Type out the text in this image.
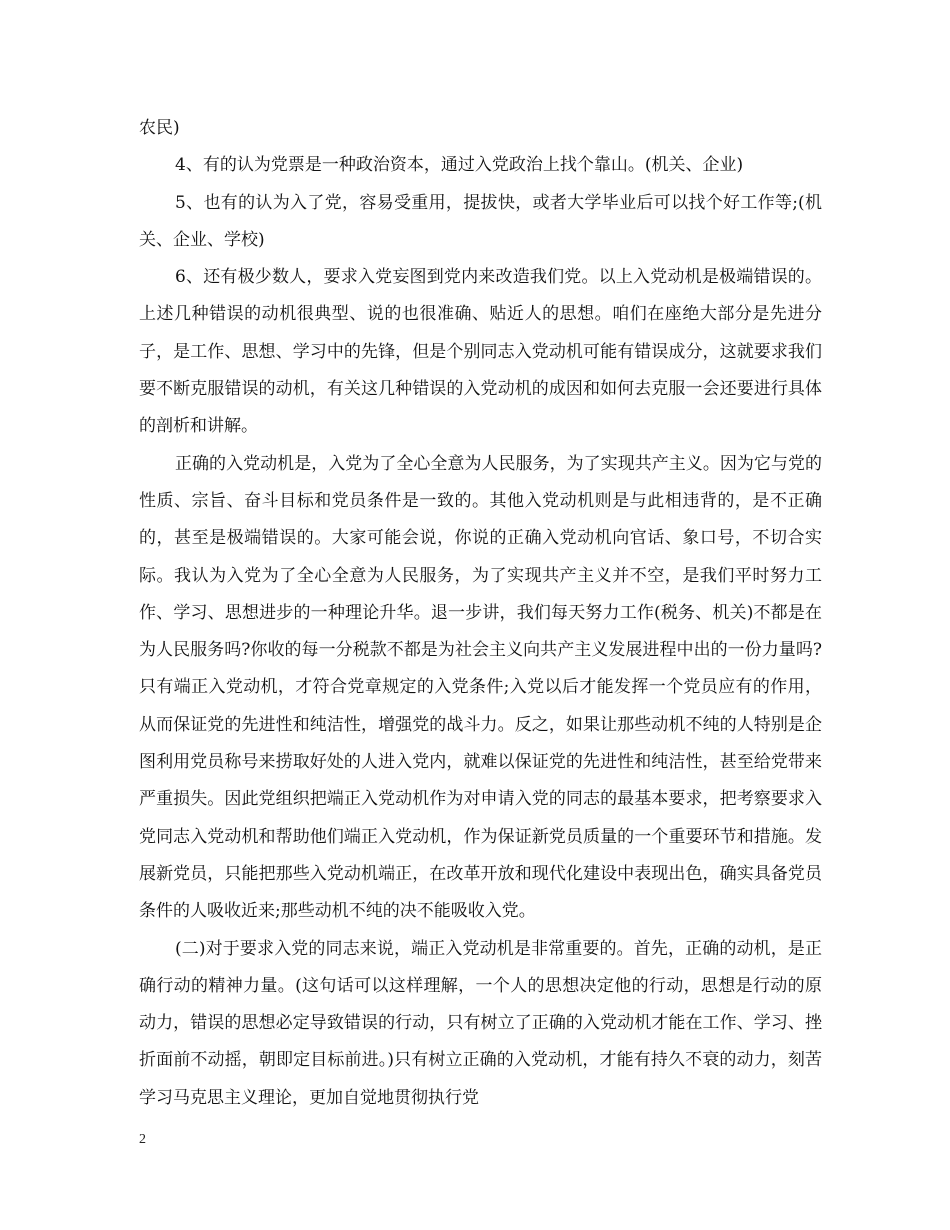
农民)

4、有的认为党票是一种政治资本，通过入党政治上找个靠山。(机关、企业)

5、也有的认为入了党，容易受重用，提拔快，或者大学毕业后可以找个好工作等;(机关、企业、学校)

6、还有极少数人，要求入党妄图到党内来改造我们党。以上入党动机是极端错误的。上述几种错误的动机很典型、说的也很准确、贴近人的思想。咱们在座绝大部分是先进分子，是工作、思想、学习中的先锋，但是个别同志入党动机可能有错误成分，这就要求我们要不断克服错误的动机，有关这几种错误的入党动机的成因和如何去克服一会还要进行具体的剖析和讲解。

正确的入党动机是，入党为了全心全意为人民服务，为了实现共产主义。因为它与党的性质、宗旨、奋斗目标和党员条件是一致的。其他入党动机则是与此相违背的，是不正确的，甚至是极端错误的。大家可能会说，你说的正确入党动机向官话、象口号，不切合实际。我认为入党为了全心全意为人民服务，为了实现共产主义并不空，是我们平时努力工作、学习、思想进步的一种理论升华。退一步讲，我们每天努力工作(税务、机关)不都是在为人民服务吗?你收的每一分税款不都是为社会主义向共产主义发展进程中出的一份力量吗?只有端正入党动机，才符合党章规定的入党条件;入党以后才能发挥一个党员应有的作用，从而保证党的先进性和纯洁性，增强党的战斗力。反之，如果让那些动机不纯的人特别是企图利用党员称号来捞取好处的人进入党内，就难以保证党的先进性和纯洁性，甚至给党带来严重损失。因此党组织把端正入党动机作为对申请入党的同志的最基本要求，把考察要求入党同志入党动机和帮助他们端正入党动机，作为保证新党员质量的一个重要环节和措施。发展新党员，只能把那些入党动机端正，在改革开放和现代化建设中表现出色，确实具备党员条件的人吸收近来;那些动机不纯的决不能吸收入党。

(二)对于要求入党的同志来说，端正入党动机是非常重要的。首先，正确的动机，是正确行动的精神力量。(这句话可以这样理解，一个人的思想决定他的行动，思想是行动的原动力，错误的思想必定导致错误的行动，只有树立了正确的入党动机才能在工作、学习、挫折面前不动摇，朝即定目标前进。)只有树立正确的入党动机，才能有持久不衰的动力，刻苦学习马克思主义理论，更加自觉地贯彻执行党

2
